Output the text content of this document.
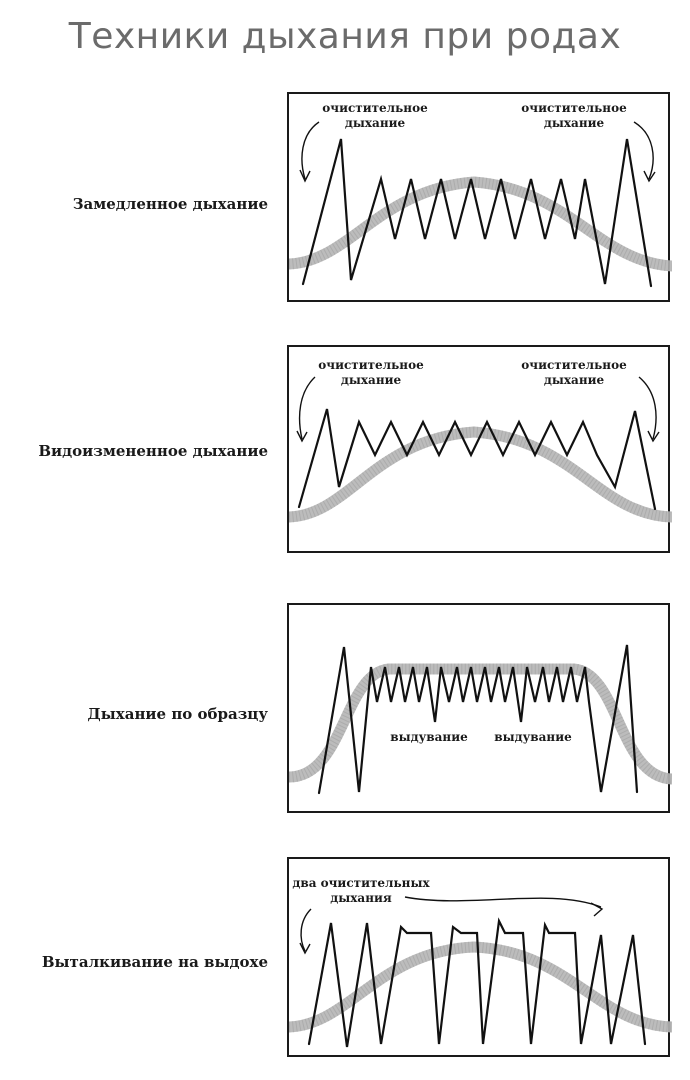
Техники дыхания при родах
Замедленное дыхание
очистительное
дыхание
очистительное
дыхание
Видоизмененное дыхание
очистительное
дыхание
очистительное
дыхание
Дыхание по образцу
выдувание выдувание
Выталкивание на выдохе
два очистительных
дыхания
